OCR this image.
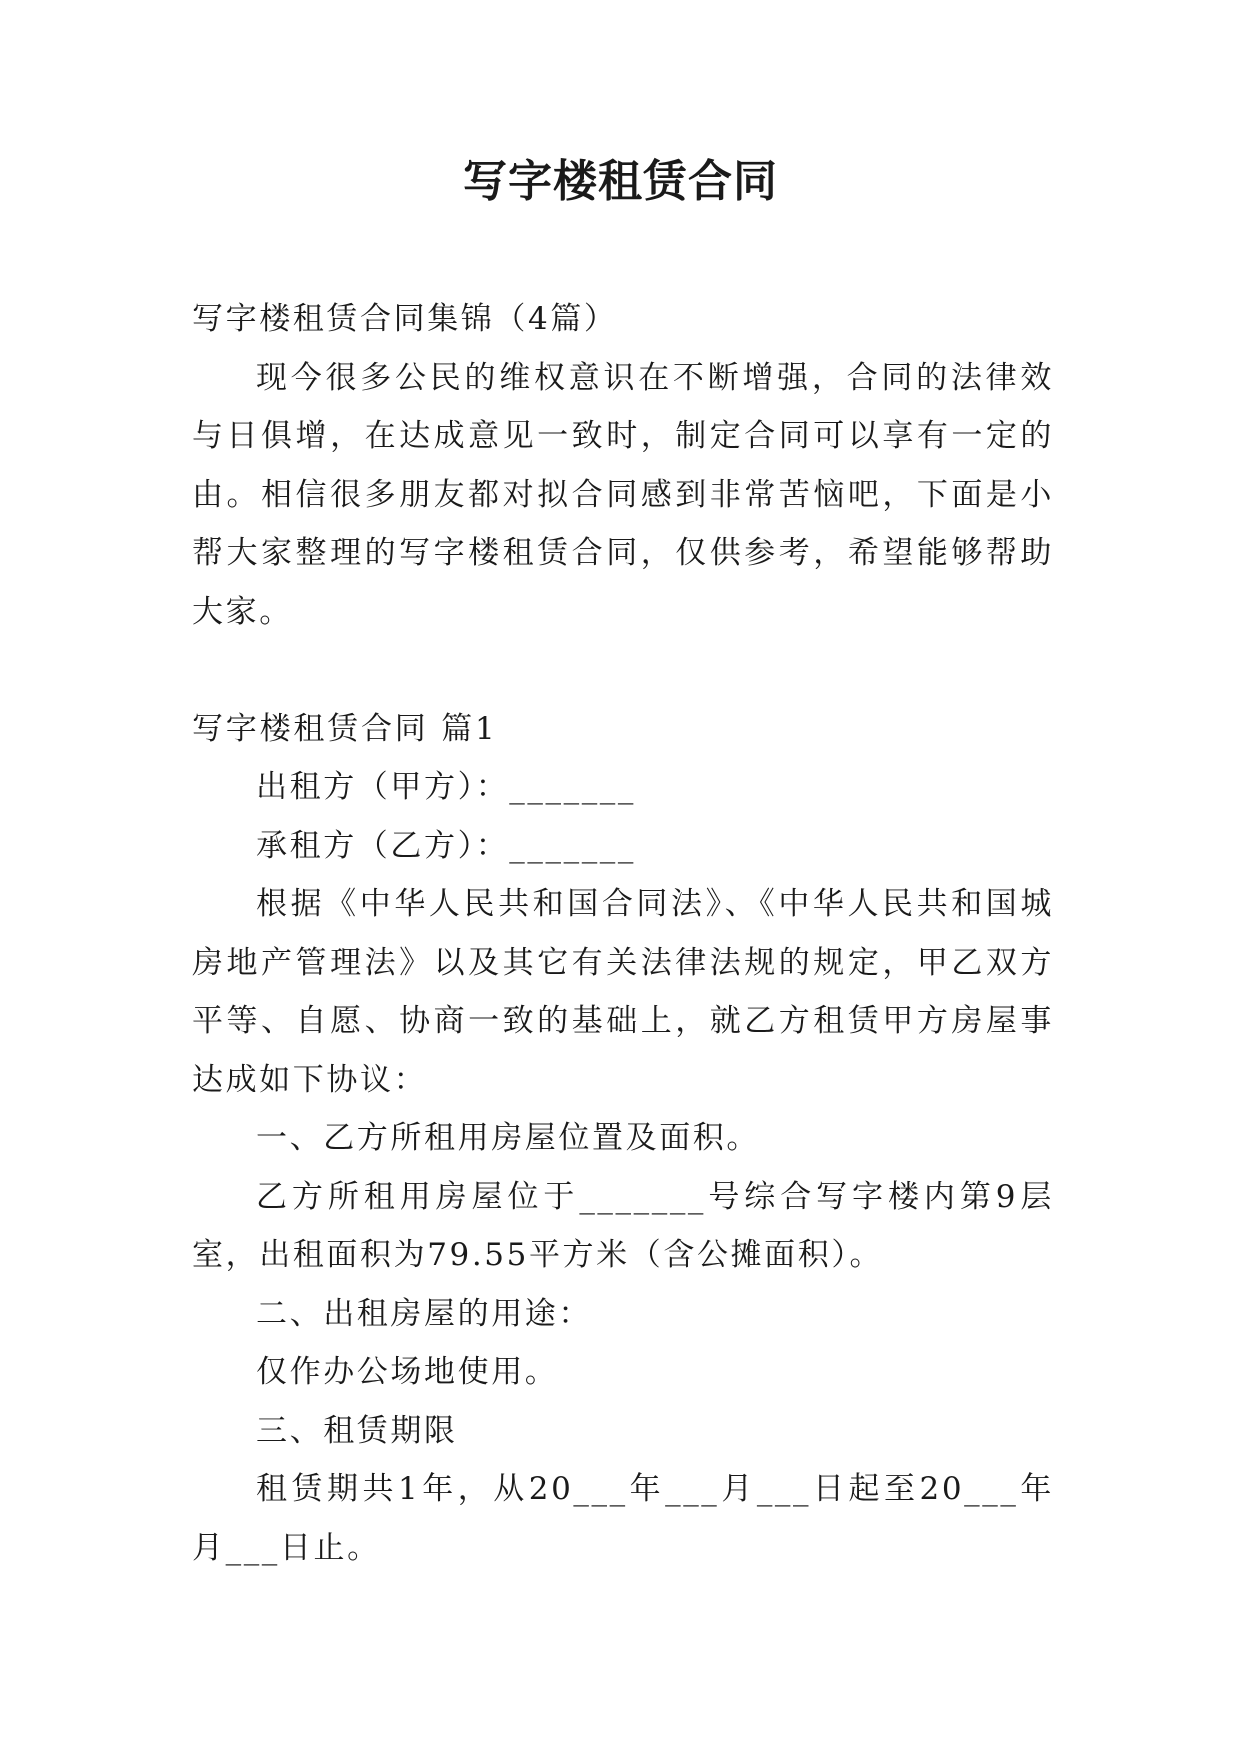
写字楼租赁合同
写字楼租赁合同集锦（4篇）
现今很多公民的维权意识在不断增强，合同的法律效
与日俱增，在达成意见一致时，制定合同可以享有一定的
由。相信很多朋友都对拟合同感到非常苦恼吧，下面是小
帮大家整理的写字楼租赁合同，仅供参考，希望能够帮助
大家。
写字楼租赁合同 篇1
出租方（甲方）：_______
承租方（乙方）：_______
根据《中华人民共和国合同法》、《中华人民共和国城
房地产管理法》以及其它有关法律法规的规定，甲乙双方
平等、自愿、协商一致的基础上，就乙方租赁甲方房屋事
达成如下协议：
一、乙方所租用房屋位置及面积。
乙方所租用房屋位于_______号综合写字楼内第9层
室，出租面积为79.55平方米（含公摊面积）。
二、出租房屋的用途：
仅作办公场地使用。
三、租赁期限
租赁期共1年，从20___年___月___日起至20___年
月___日止。
